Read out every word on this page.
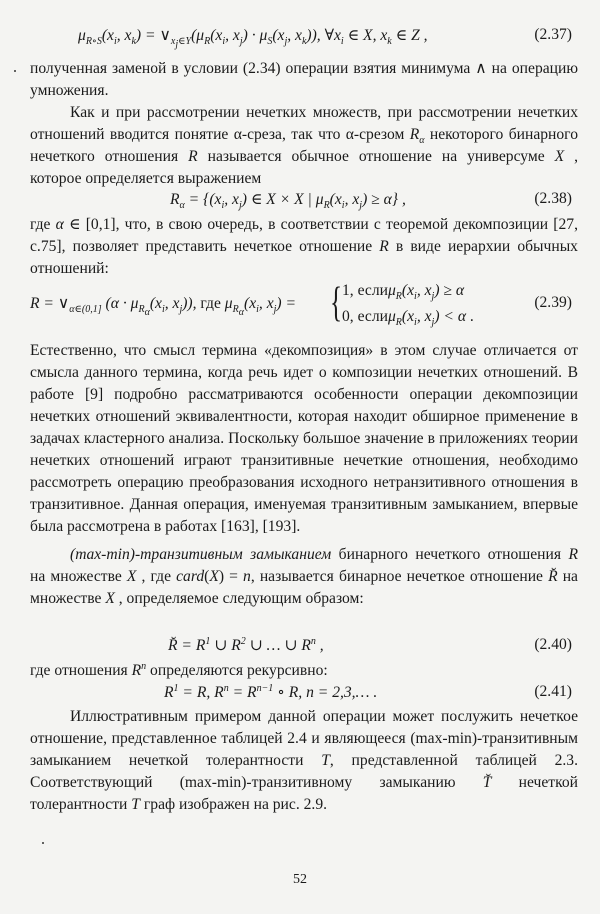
$\mu_{R\circ S}(x_i$, $x_k$) = $\vee_{x_j\in Y}(\mu_R(x_i$, $x_j) \cdot \mu_S(x_j$, $x_k$)), $\forall x_i$ ∈ X, $x_k$ ∈ Z ,	(2.37)

полученная заменой в условии (2.34) операции взятия минимума ∧ на операцию умножения.

Как и при рассмотрении нечетких множеств, при рассмотрении нечетких отношений вводится понятие α-среза, так что α-срезом $R_\alpha$ некоторого бинарного нечеткого отношения R называется обычное отношение на универсуме X , которое определяется выражением

$R_\alpha = \{(x_i$, $x_j$) ∈ X × X | $\mu_R(x_i$, $x_j) \ge \alpha$} ,	(2.38)

где α ∈ [0,1], что, в свою очередь, в соответствии с теоремой декомпозиции [27, с.75], позволяет представить нечеткое отношение R в виде иерархии обычных отношений:

$R = \vee_{\alpha\in(0,1]}$ ($\alpha \cdot \mu_{R_\alpha}(x_i$, $x_j$)), где $\mu_{R_\alpha}(x_i$, $x_j$) = { 1, $если\mu_R(x_i$, $x_j) \ge \alpha$
0, $если\mu_R(x_i$, $x_j) < \alpha$ .
(2.39)

Естественно, что смысл термина «декомпозиция» в этом случае отличается от смысла данного термина, когда речь идет о композиции нечетких отношений. В работе [9] подробно рассматриваются особенности операции декомпозиции нечетких отношений эквивалентности, которая находит обширное применение в задачах кластерного анализа. Поскольку большое значение в приложениях теории нечетких отношений играют транзитивные нечеткие отношения, необходимо рассмотреть операцию преобразования исходного нетранзитивного отношения в транзитивное. Данная операция, именуемая транзитивным замыканием, впервые была рассмотрена в работах [163], [193].

(max-min)-транзитивным замыканием бинарного нечеткого отношения R на множестве X , где card(X) = n, называется бинарное нечеткое отношение R̆ на множестве X , определяемое следующим образом:

R̆ = $R^1$ ∪ $R^2$ ∪ … ∪ $R^n$ ,	(2.40)

где отношения $R^n$ определяются рекурсивно:

$R^1 = R$, $R^n = R^{n-1}$ ∘ R, n = 2,3,… .	(2.41)

Иллюстративным примером данной операции может послужить нечеткое отношение, представленное таблицей 2.4 и являющееся (max-min)-транзитивным замыканием нечеткой толерантности T, представленной таблицей 2.3. Соответствующий (max-min)-транзитивному замыканию T̆ нечеткой толерантности T граф изображен на рис. 2.9.

52
